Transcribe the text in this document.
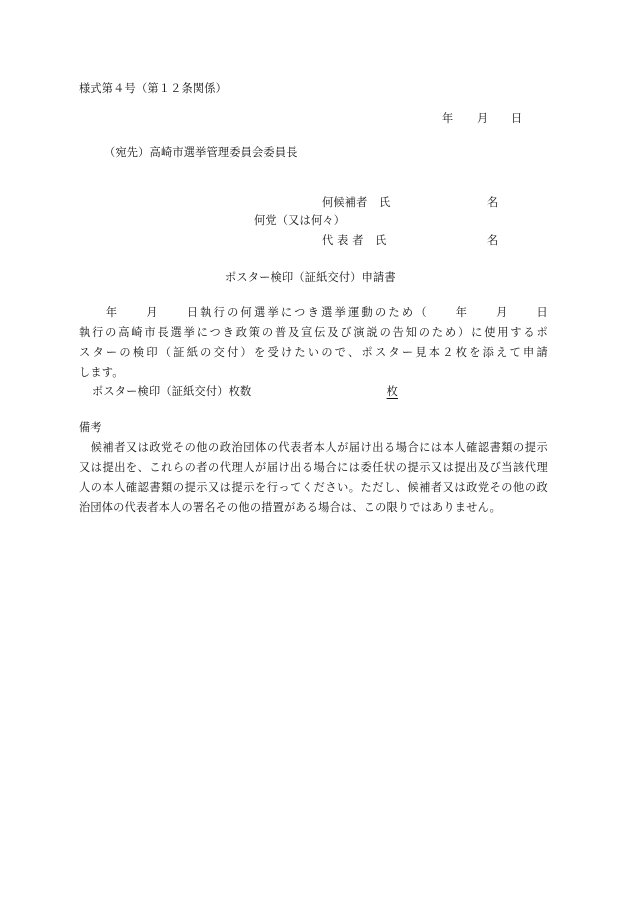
様式第４号（第１２条関係）
年 月 日
（宛先）高崎市選挙管理委員会委員長
何候補者　氏	名
何党（又は何々）
代 表 者　氏	名
ポスター検印（証紙交付）申請書
　　年　　月　　日執行の何選挙につき選挙運動のため（　　年　　月　　日
執行の高崎市長選挙につき政策の普及宣伝及び演説の告知のため）に使用するポ
スターの検印（証紙の交付）を受けたいので、ポスター見本２枚を添えて申請
します。
ポスター検印（証紙交付）枚数	枚
備考
　候補者又は政党その他の政治団体の代表者本人が届け出る場合には本人確認書類の提示
又は提出を、これらの者の代理人が届け出る場合には委任状の提示又は提出及び当該代理
人の本人確認書類の提示又は提示を行ってください。ただし、候補者又は政党その他の政
治団体の代表者本人の署名その他の措置がある場合は、この限りではありません。
